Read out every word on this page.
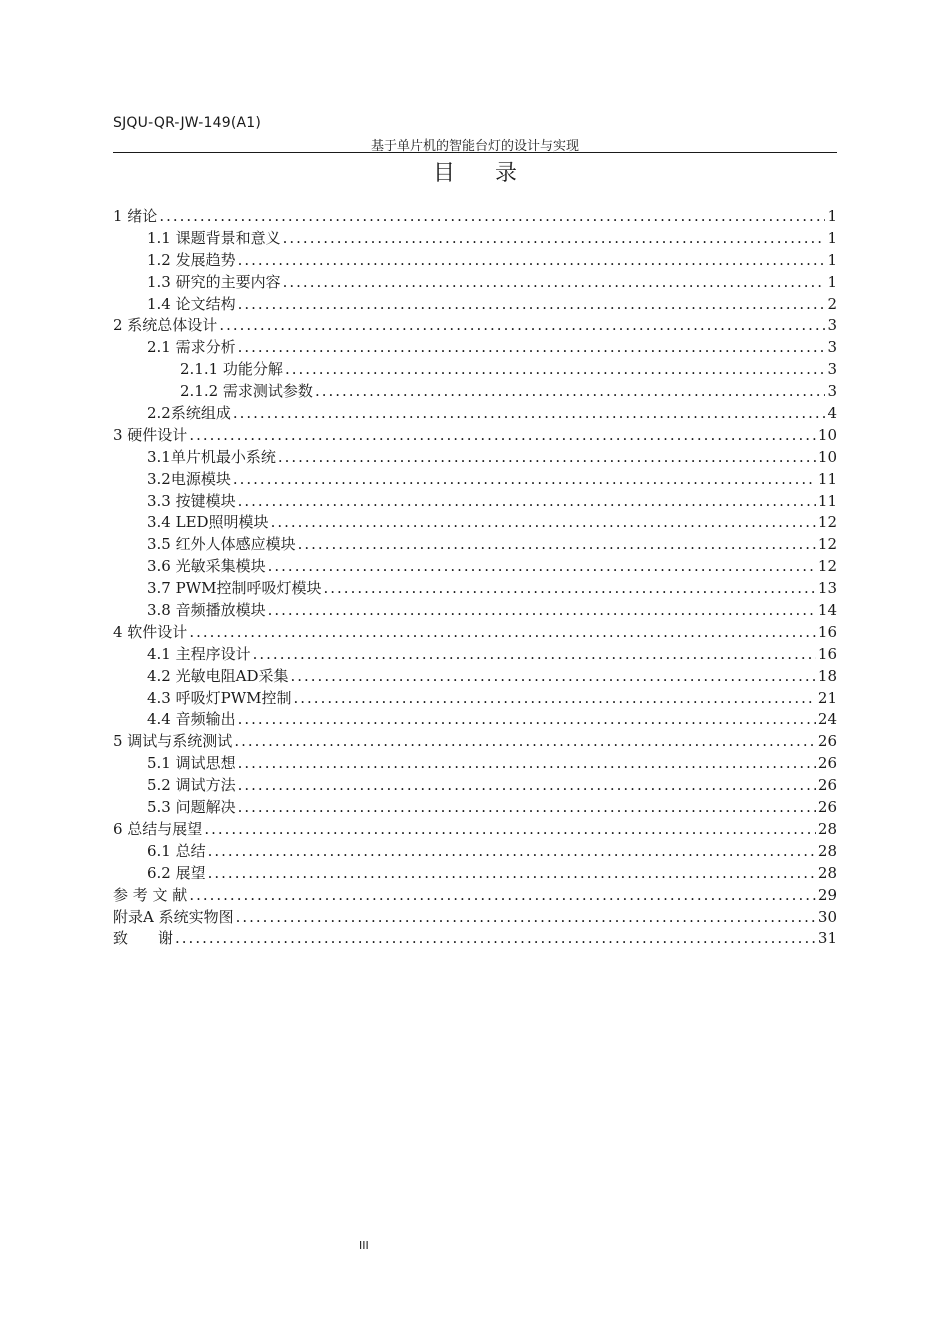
SJQU-QR-JW-149(A1)
基于单片机的智能台灯的设计与实现
目录
1 绪论 .....	1
1.1 课题背景和意义 .....	1
1.2 发展趋势 .....	1
1.3 研究的主要内容 .....	1
1.4 论文结构 .....	2
2 系统总体设计 .....	3
2.1 需求分析 .....	3
2.1.1 功能分解 .....	3
2.1.2 需求测试参数 .....	3
2.2系统组成 .....	4
3 硬件设计 .....	10
3.1单片机最小系统 .....	10
3.2电源模块 .....	11
3.3 按键模块 .....	11
3.4 LED照明模块 .....	12
3.5 红外人体感应模块 .....	12
3.6 光敏采集模块 .....	12
3.7 PWM控制呼吸灯模块 .....	13
3.8 音频播放模块 .....	14
4 软件设计 .....	16
4.1 主程序设计 .....	16
4.2 光敏电阻AD采集 .....	18
4.3 呼吸灯PWM控制 .....	21
4.4 音频输出 .....	24
5 调试与系统测试 .....	26
5.1 调试思想 .....	26
5.2 调试方法 .....	26
5.3 问题解决 .....	26
6 总结与展望 .....	28
6.1 总结 .....	28
6.2 展望 .....	28
参 考 文 献 .....	29
附录A 系统实物图 .....	30
致　　谢 .....	31
III
